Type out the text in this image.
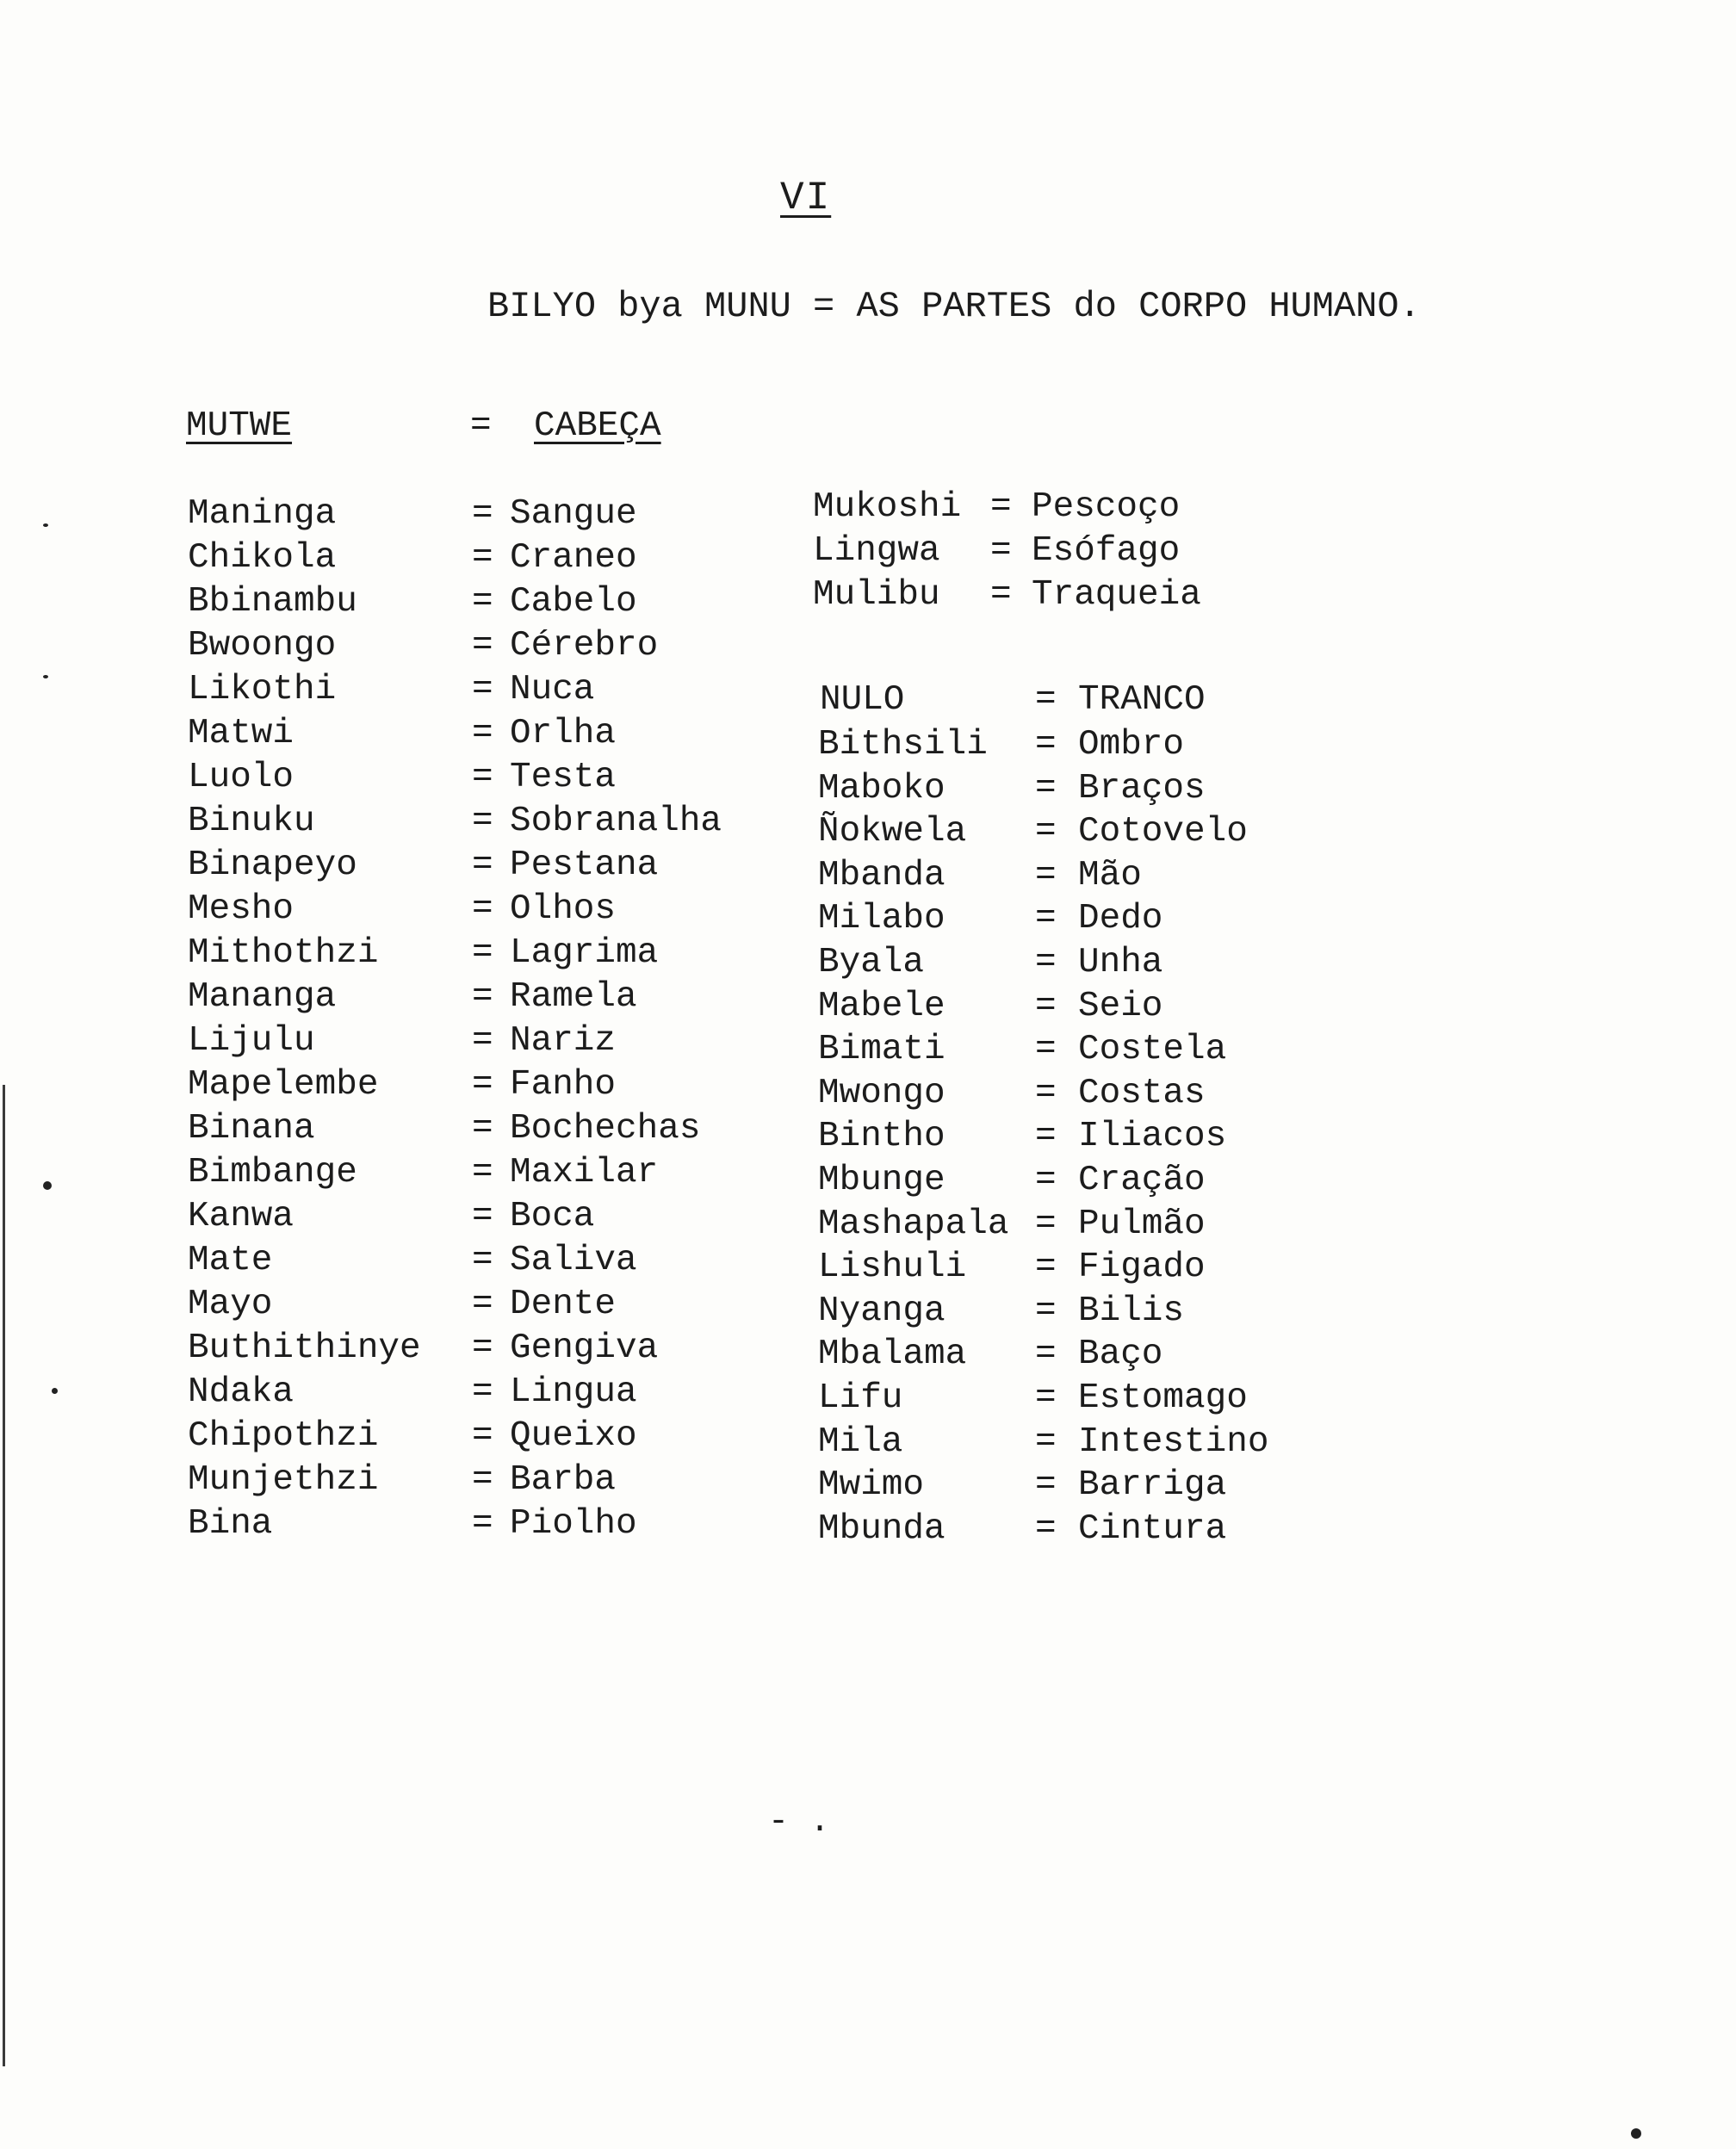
VI
BILYO bya MUNU = AS PARTES do CORPO HUMANO.
MUTWE	= CABEÇA
Maninga	= Sangue
Chikola	= Craneo
Bbinambu	= Cabelo
Bwoongo	= Cérebro
Likothi	= Nuca
Matwi	= Orlha
Luolo	= Testa
Binuku	= Sobranalha
Binapeyo	= Pestana
Mesho	= Olhos
Mithothzi	= Lagrima
Mananga	= Ramela
Lijulu	= Nariz
Mapelembe	= Fanho
Binana	= Bochechas
Bimbange	= Maxilar
Kanwa	= Boca
Mate	= Saliva
Mayo	= Dente
Buthithinye = Gengiva
Ndaka	= Lingua
Chipothzi	= Queixo
Munjethzi	= Barba
Bina	= Piolho
Mukoshi = Pescoço
Lingwa = Esófago
Mulibu = Traqueia
NULO	= TRANCO
Bithsili = Ombro
Maboko	= Braços
Ñokwela = Cotovelo
Mbanda	= Mão
Milabo	= Dedo
Byala	= Unha
Mabele	= Seio
Bimati	= Costela
Mwongo	= Costas
Bintho	= Iliacos
Mbunge	= Cração
Mashapala = Pulmão
Lishuli = Figado
Nyanga	= Bilis
Mbalama = Baço
Lifu	= Estomago
Mila	= Intestino
Mwimo	= Barriga
Mbunda	= Cintura
- .
